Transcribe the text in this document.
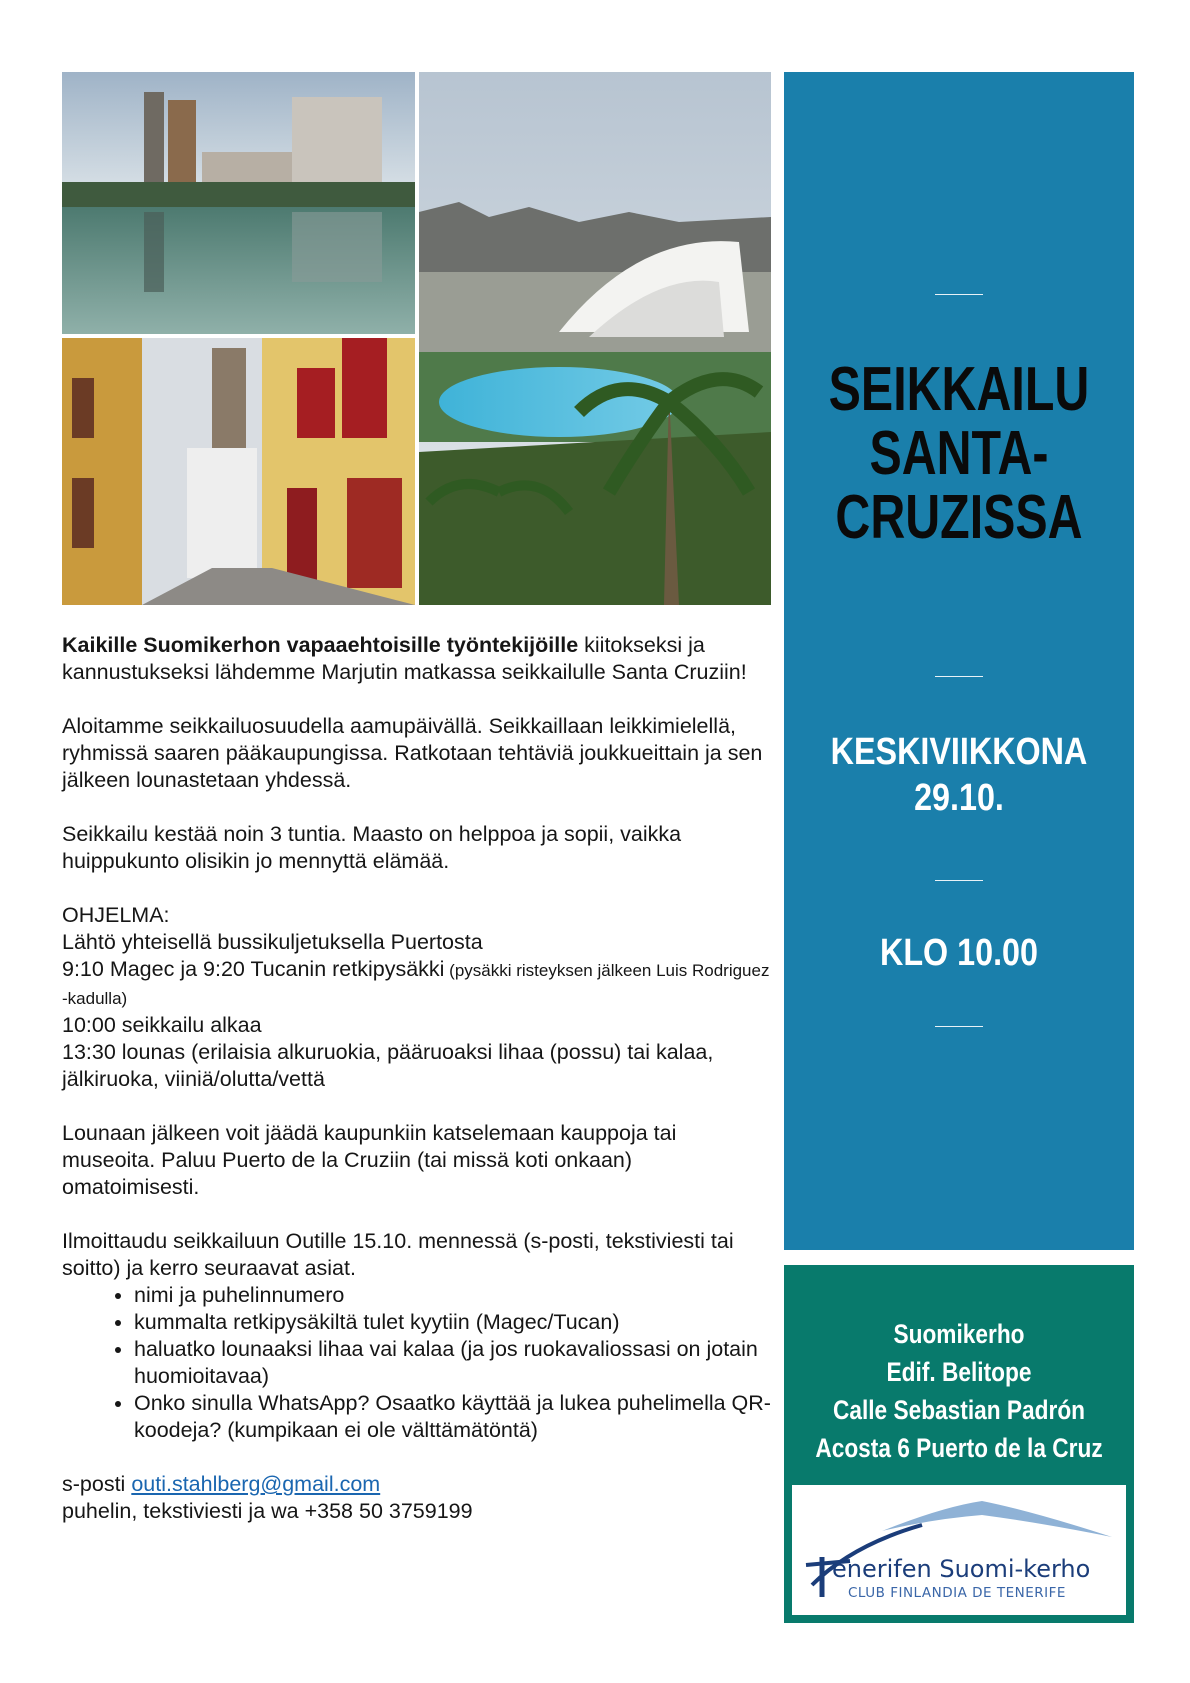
Kaikille Suomikerhon vapaaehtoisille työntekijöille kiitokseksi ja kannustukseksi lähdemme Marjutin matkassa seikkailulle Santa Cruziin!

Aloitamme seikkailuosuudella aamupäivällä. Seikkaillaan leikkimielellä, ryhmissä saaren pääkaupungissa. Ratkotaan tehtäviä joukkueittain ja sen jälkeen lounastetaan yhdessä.

Seikkailu kestää noin 3 tuntia. Maasto on helppoa ja sopii, vaikka huippukunto olisikin jo mennyttä elämää.

OHJELMA:
Lähtö yhteisellä bussikuljetuksella Puertosta
9:10 Magec ja 9:20 Tucanin retkipysäkki (pysäkki risteyksen jälkeen Luis Rodriguez -kadulla)
10:00 seikkailu alkaa
13:30 lounas (erilaisia alkuruokia, pääruoaksi lihaa (possu) tai kalaa, jälkiruoka, viiniä/olutta/vettä

Lounaan jälkeen voit jäädä kaupunkiin katselemaan kauppoja tai museoita. Paluu Puerto de la Cruziin (tai missä koti onkaan) omatoimisesti.

Ilmoittaudu seikkailuun Outille 15.10. mennessä (s-posti, tekstiviesti tai soitto) ja kerro seuraavat asiat.

• nimi ja puhelinnumero
• kummalta retkipysäkiltä tulet kyytiin (Magec/Tucan)
• haluatko lounaaksi lihaa vai kalaa (ja jos ruokavaliossasi on jotain huomioitavaa)
• Onko sinulla WhatsApp? Osaatko käyttää ja lukea puhelimella QR-koodeja? (kumpikaan ei ole välttämätöntä)

s-posti outi.stahlberg@gmail.com
puhelin, tekstiviesti ja wa +358 50 3759199

SEIKKAILU
SANTA-
CRUZISSA
KESKIVIIKKONA
29.10.
KLO 10.00
Suomikerho
Edif. Belitope
Calle Sebastian Padrón
Acosta 6 Puerto de la Cruz
enerifen Suomi-kerho
CLUB FINLANDIA DE TENERIFE
